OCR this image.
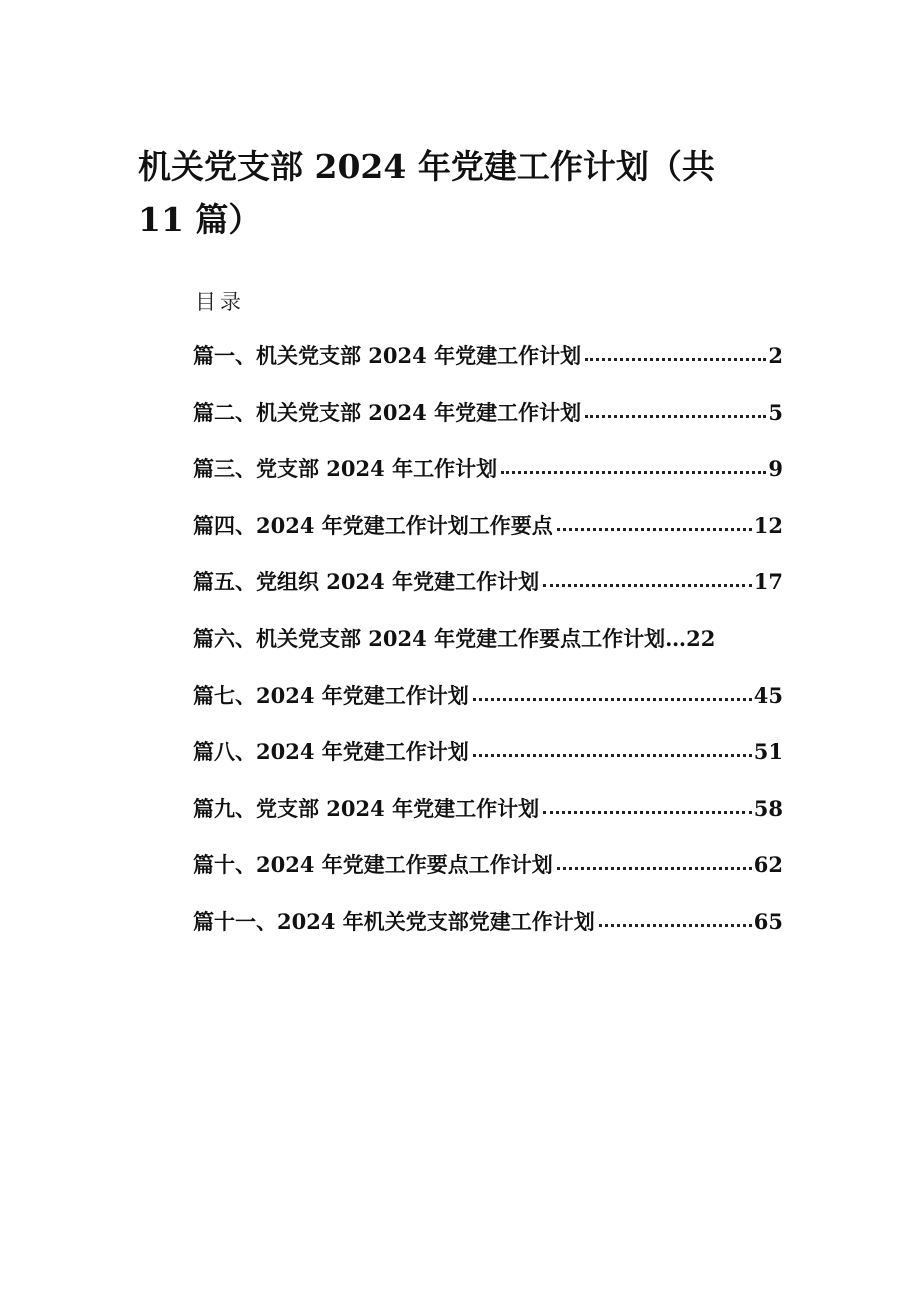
机关党支部 2024 年党建工作计划（共 11 篇）
目录
篇一、机关党支部 2024 年党建工作计划	2
篇二、机关党支部 2024 年党建工作计划	5
篇三、党支部 2024 年工作计划	9
篇四、2024 年党建工作计划工作要点	12
篇五、党组织 2024 年党建工作计划	17
篇六、机关党支部 2024 年党建工作要点工作计划… 22
篇七、2024 年党建工作计划	45
篇八、2024 年党建工作计划	51
篇九、党支部 2024 年党建工作计划	58
篇十、2024 年党建工作要点工作计划	62
篇十一、2024 年机关党支部党建工作计划	65
